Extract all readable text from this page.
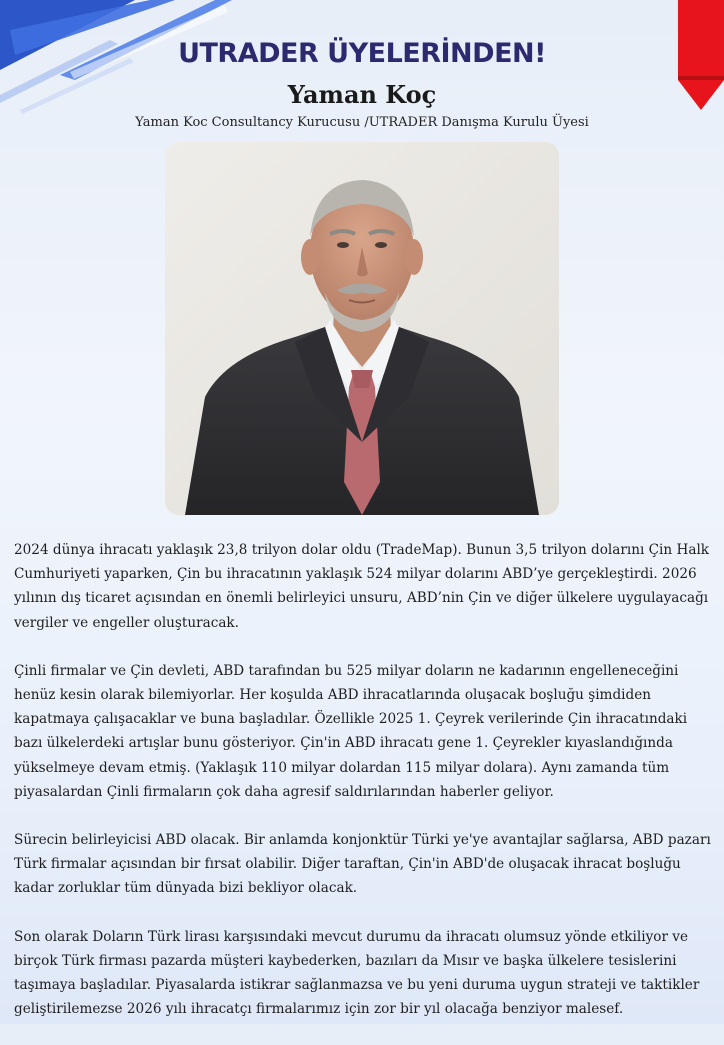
UTRADER ÜYELERİNDEN!
Yaman Koç
Yaman Koc Consultancy Kurucusu /UTRADER Danışma Kurulu Üyesi

2024 dünya ihracatı yaklaşık 23,8 trilyon dolar oldu (TradeMap). Bunun 3,5 trilyon dolarını Çin Halk Cumhuriyeti yaparken, Çin bu ihracatının yaklaşık 524 milyar dolarını ABD’ye gerçekleştirdi. 2026 yılının dış ticaret açısından en önemli belirleyici unsuru, ABD’nin Çin ve diğer ülkelere uygulayacağı vergiler ve engeller oluşturacak.

Çinli firmalar ve Çin devleti, ABD tarafından bu 525 milyar doların ne kadarının engelleneceğini henüz kesin olarak bilemiyorlar. Her koşulda ABD ihracatlarında oluşacak boşluğu şimdiden kapatmaya çalışacaklar ve buna başladılar. Özellikle 2025 1. Çeyrek verilerinde Çin ihracatındaki bazı ülkelerdeki artışlar bunu gösteriyor. Çin'in ABD ihracatı gene 1. Çeyrekler kıyaslandığında yükselmeye devam etmiş. (Yaklaşık 110 milyar dolardan 115 milyar dolara). Aynı zamanda tüm piyasalardan Çinli firmaların çok daha agresif saldırılarından haberler geliyor.

Sürecin belirleyicisi ABD olacak. Bir anlamda konjonktür Türki ye'ye avantajlar sağlarsa, ABD pazarı Türk firmalar açısından bir fırsat olabilir. Diğer taraftan, Çin'in ABD'de oluşacak ihracat boşluğu kadar zorluklar tüm dünyada bizi bekliyor olacak.

Son olarak Doların Türk lirası karşısındaki mevcut durumu da ihracatı olumsuz yönde etkiliyor ve birçok Türk firması pazarda müşteri kaybederken, bazıları da Mısır ve başka ülkelere tesislerini taşımaya başladılar. Piyasalarda istikrar sağlanmazsa ve bu yeni duruma uygun strateji ve taktikler geliştirilemezse 2026 yılı ihracatçı firmalarımız için zor bir yıl olacağa benziyor malesef.
